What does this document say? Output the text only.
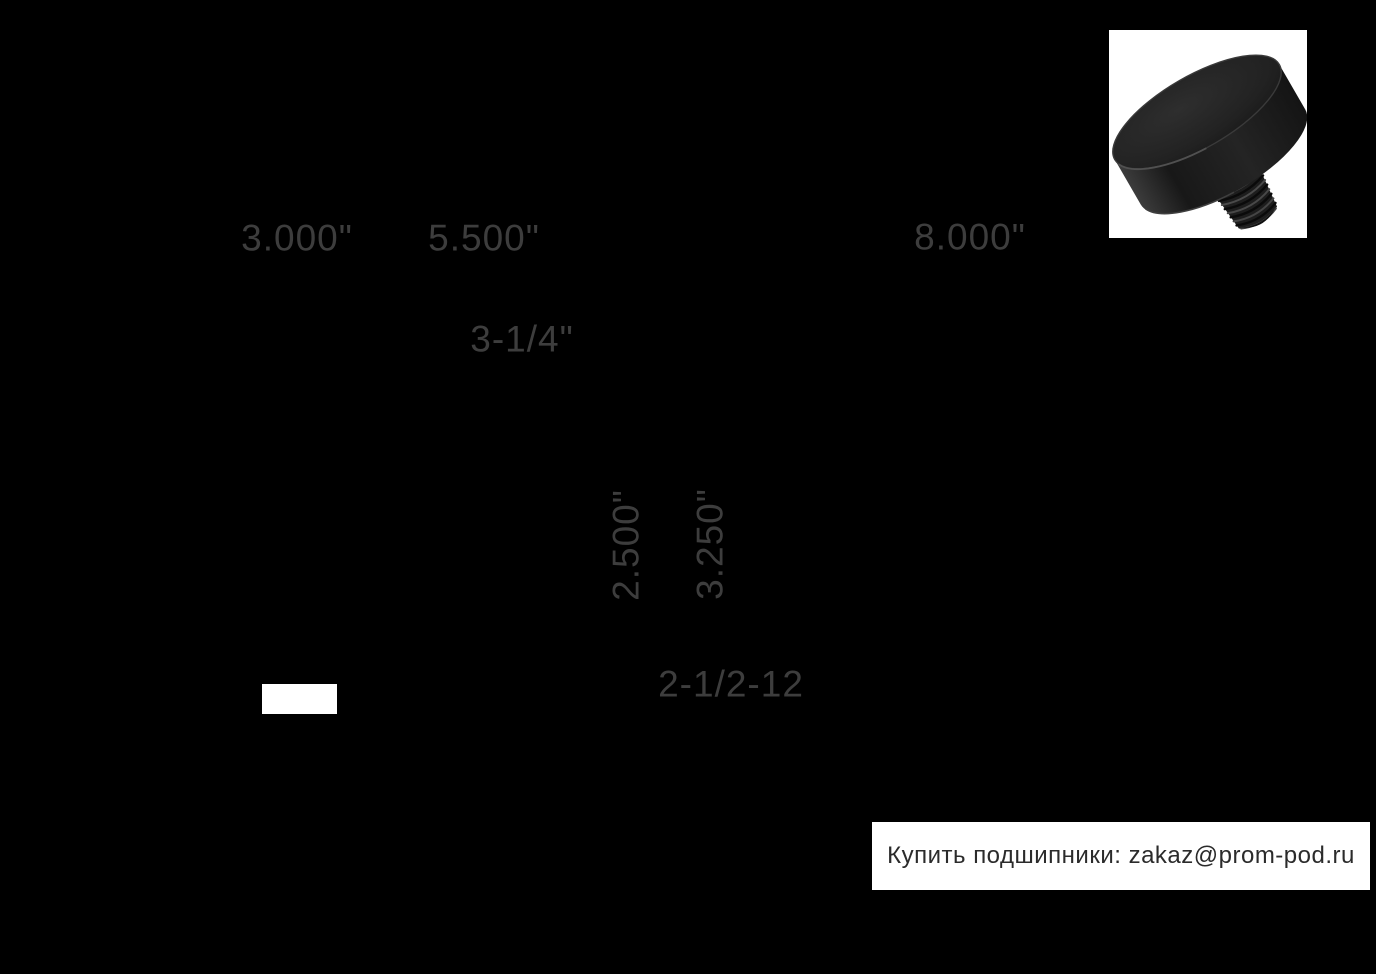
3.000" 5.500"	8.000"
3-1/4"
2.500" 3.250"
2-1/2-12
Купить подшипники: zakaz@prom-pod.ru
